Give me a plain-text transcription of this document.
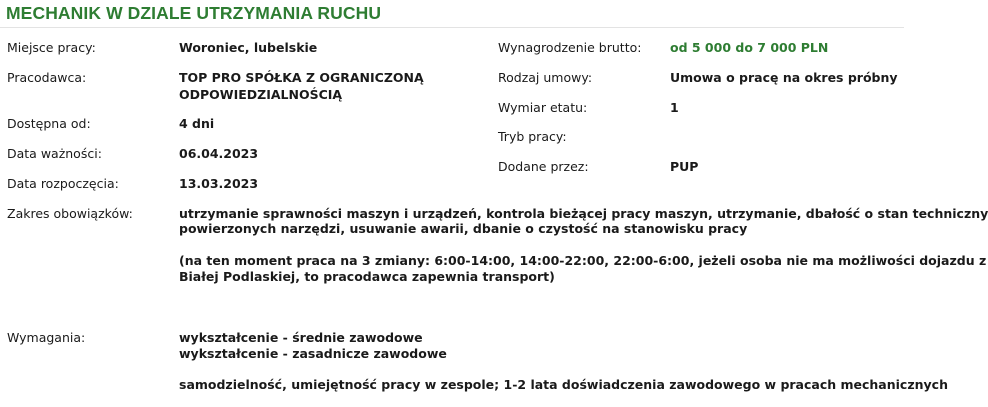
MECHANIK W DZIALE UTRZYMANIA RUCHU
Miejsce pracy:	Woroniec, lubelskie
Pracodawca:	TOP PRO SPÓŁKA Z OGRANICZONĄ
ODPOWIEDZIALNOŚCIĄ
Dostępna od:	4 dni
Data ważności:	06.04.2023
Data rozpoczęcia:	13.03.2023
Wynagrodzenie brutto: od 5 000 do 7 000 PLN
Rodzaj umowy:	Umowa o pracę na okres próbny
Wymiar etatu:	1
Tryb pracy:
Dodane przez:	PUP
Zakres obowiązków:	utrzymanie sprawności maszyn i urządzeń, kontrola bieżącej pracy maszyn, utrzymanie, dbałość o stan techniczny
powierzonych narzędzi, usuwanie awarii, dbanie o czystość na stanowisku pracy
(na ten moment praca na 3 zmiany: 6:00-14:00, 14:00-22:00, 22:00-6:00, jeżeli osoba nie ma możliwości dojazdu z
Białej Podlaskiej, to pracodawca zapewnia transport)
Wymagania:	wykształcenie - średnie zawodowe
wykształcenie - zasadnicze zawodowe
samodzielność, umiejętność pracy w zespole; 1-2 lata doświadczenia zawodowego w pracach mechanicznych
